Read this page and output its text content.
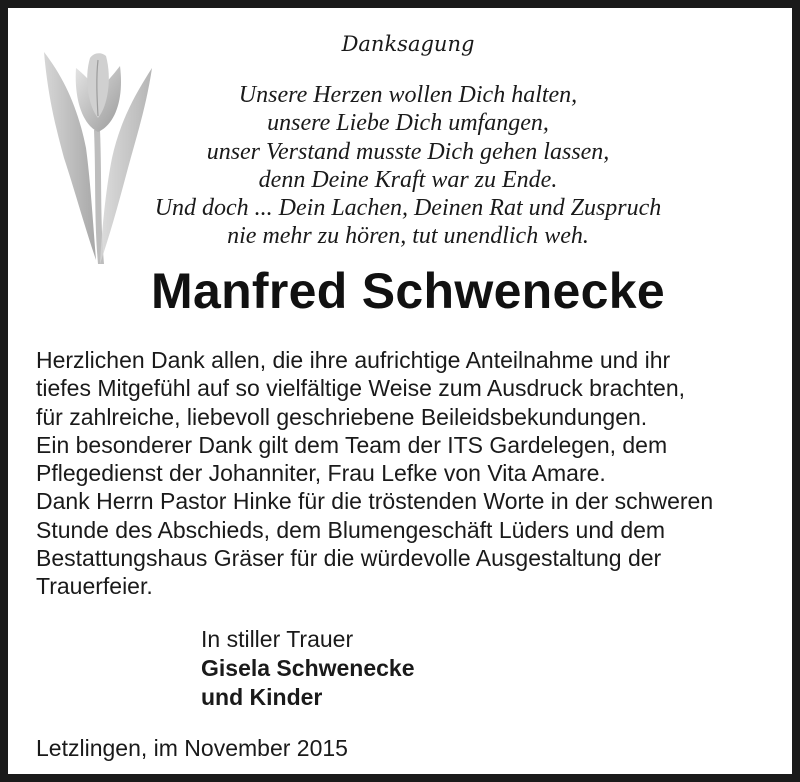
Danksagung
Unsere Herzen wollen Dich halten,
unsere Liebe Dich umfangen,
unser Verstand musste Dich gehen lassen,
denn Deine Kraft war zu Ende.
Und doch ... Dein Lachen, Deinen Rat und Zuspruch
nie mehr zu hören, tut unendlich weh.
Manfred Schwenecke
Herzlichen Dank allen, die ihre aufrichtige Anteilnahme und ihr
tiefes Mitgefühl auf so vielfältige Weise zum Ausdruck brachten,
für zahlreiche, liebevoll geschriebene Beileidsbekundungen.
Ein besonderer Dank gilt dem Team der ITS Gardelegen, dem
Pflegedienst der Johanniter, Frau Lefke von Vita Amare.
Dank Herrn Pastor Hinke für die tröstenden Worte in der schweren
Stunde des Abschieds, dem Blumengeschäft Lüders und dem
Bestattungshaus Gräser für die würdevolle Ausgestaltung der
Trauerfeier.
In stiller Trauer
Gisela Schwenecke
und Kinder
Letzlingen, im November 2015
